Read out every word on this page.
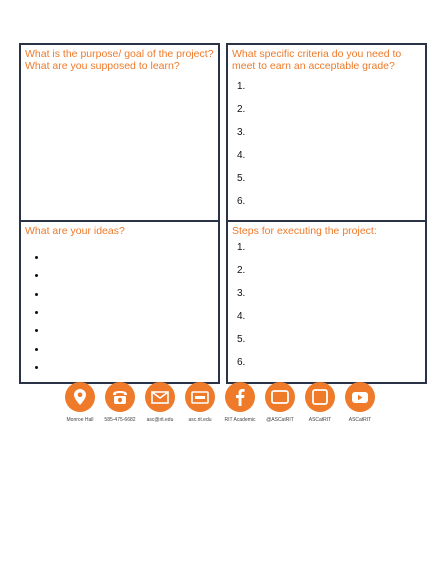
What is the purpose/ goal of the project? What are you supposed to learn?
What specific criteria do you need to meet to earn an acceptable grade?
1.
2.
3.
4.
5.
6.
What are your ideas?	Steps for executing the project:
1.
2.
3.
4.
5.
6.
Monroe Hall	585-475-6682	asc@rit.edu	asc.rit.edu	RIT Academic	@ASCatRIT	ASCatRIT	ASCatRIT
